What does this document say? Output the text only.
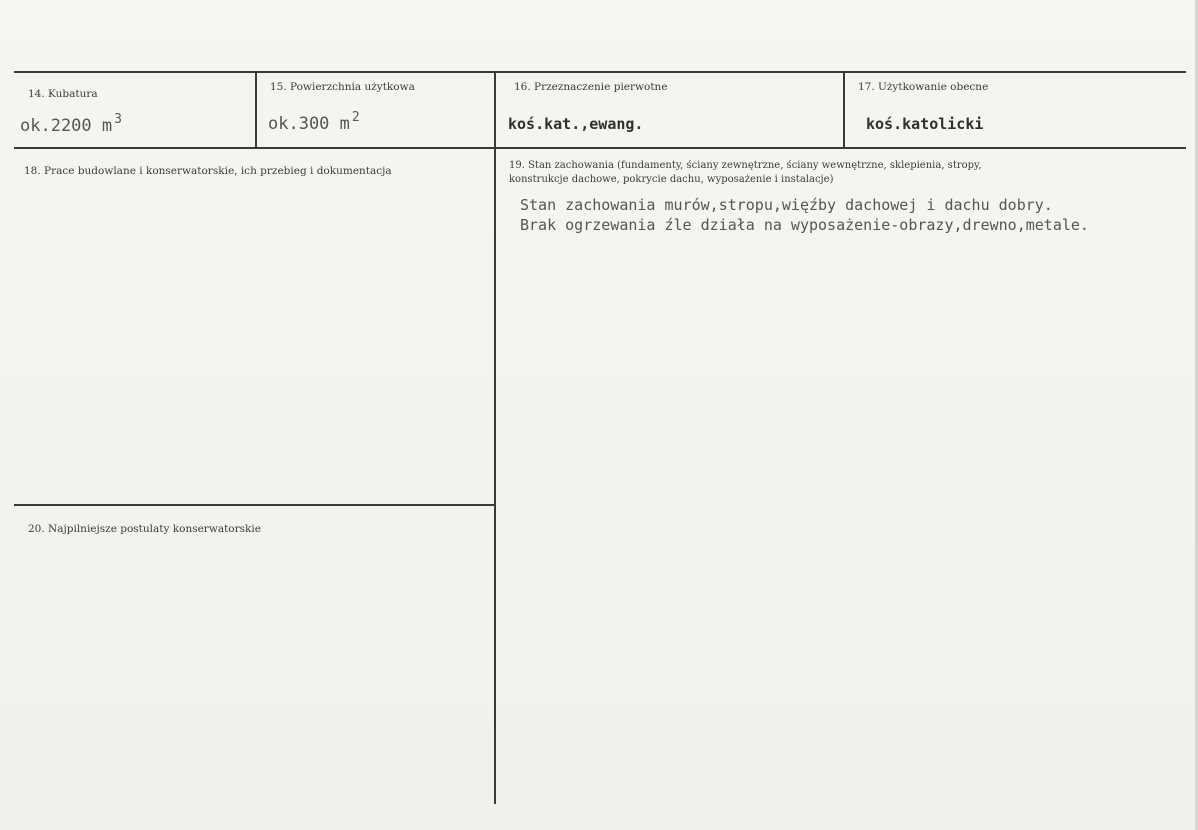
14. Kubatura
ok.2200 m $^3$
15. Powierzchnia użytkowa
ok.300 m $^2$
16. Przeznaczenie pierwotne
koś.kat.,ewang.
17. Użytkowanie obecne
koś.katolicki
18. Prace budowlane i konserwatorskie, ich przebieg i dokumentacja	19. Stan zachowania (fundamenty, ściany zewnętrzne, ściany wewnętrzne, sklepienia, stropy,
konstrukcje dachowe, pokrycie dachu, wyposażenie i instalacje)
Stan zachowania murów,stropu,więźby dachowej i dachu dobry.
Brak ogrzewania źle działa na wyposażenie-obrazy,drewno,metale.
20. Najpilniejsze postulaty konserwatorskie
